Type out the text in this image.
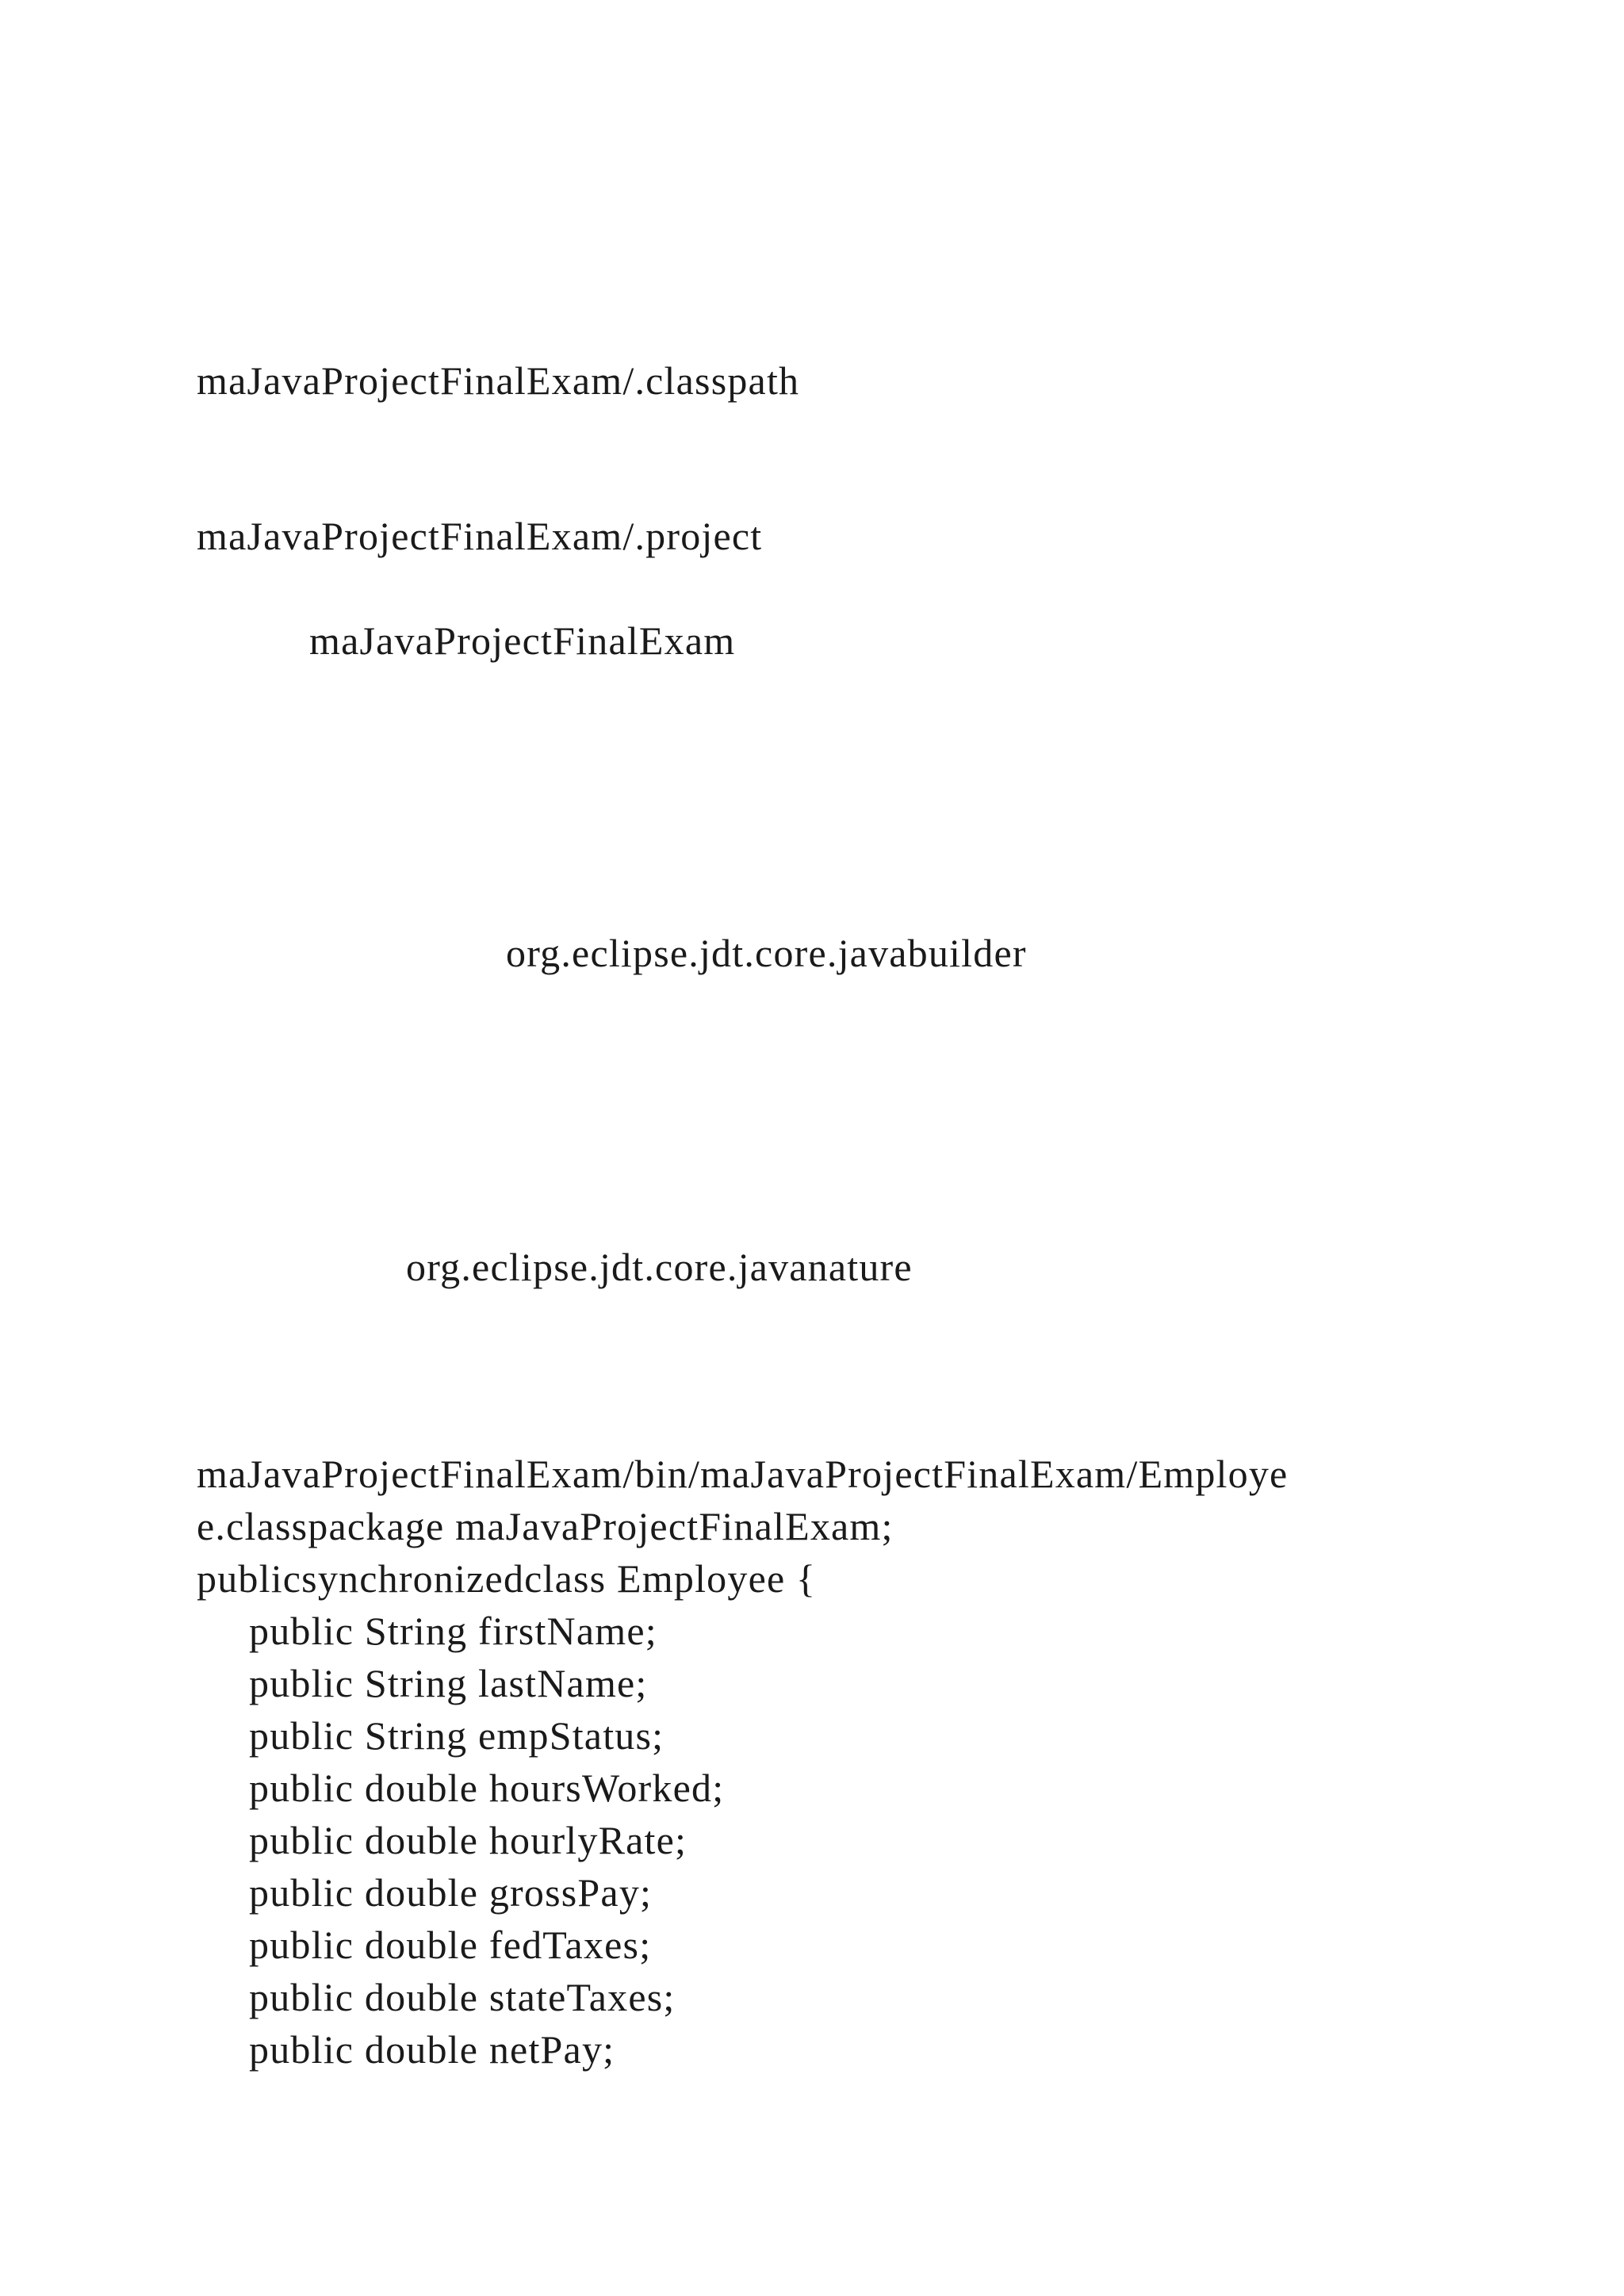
maJavaProjectFinalExam/.classpath
maJavaProjectFinalExam/.project
maJavaProjectFinalExam
org.eclipse.jdt.core.javabuilder
org.eclipse.jdt.core.javanature
maJavaProjectFinalExam/bin/maJavaProjectFinalExam/Employe
e.classpackage maJavaProjectFinalExam;
publicsynchronizedclass Employee {
public String firstName;
public String lastName;
public String empStatus;
public double hoursWorked;
public double hourlyRate;
public double grossPay;
public double fedTaxes;
public double stateTaxes;
public double netPay;
